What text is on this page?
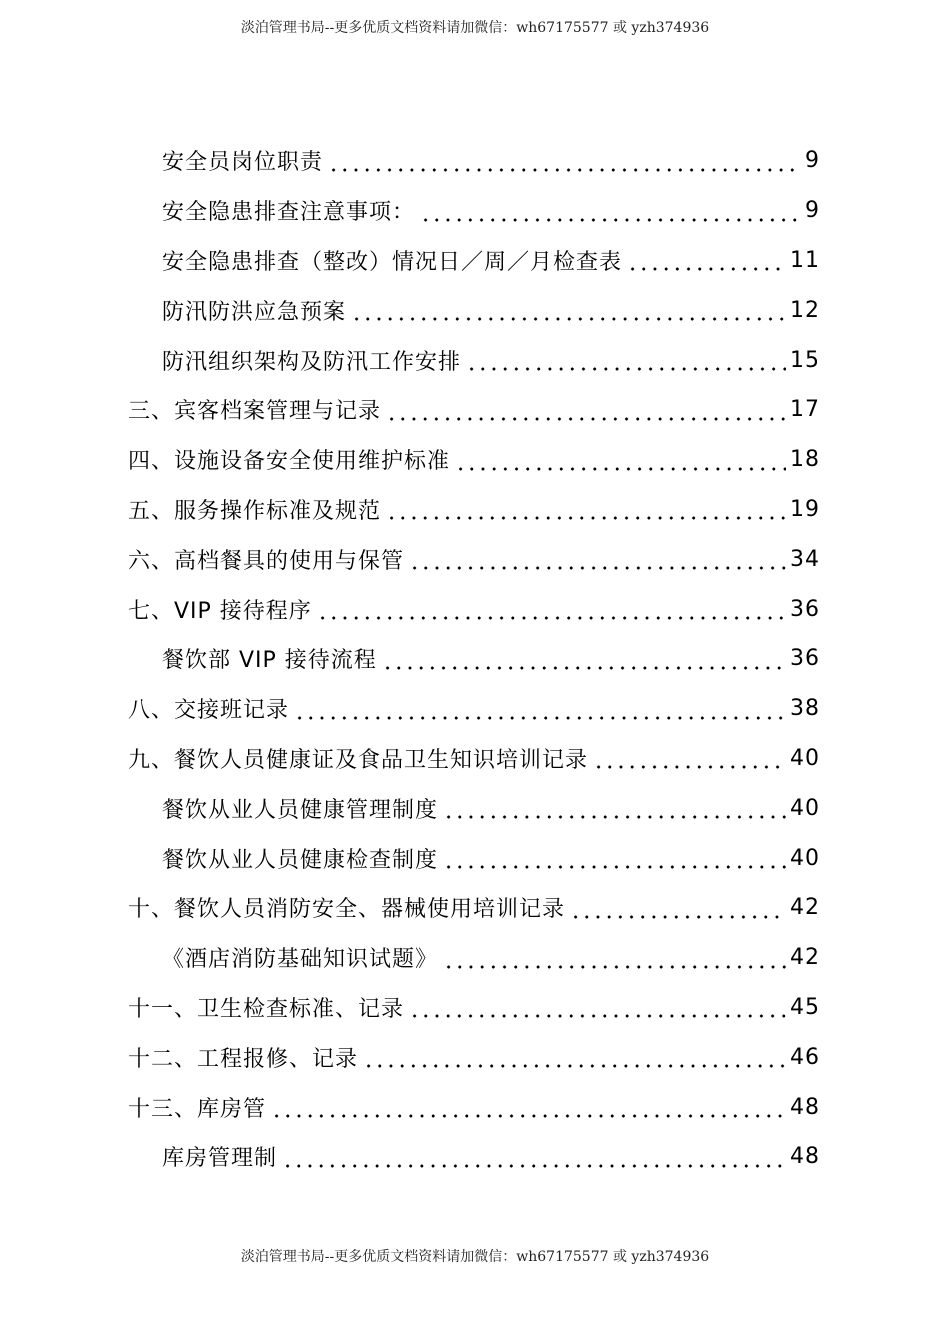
淡泊管理书局--更多优质文档资料请加微信：wh67175577 或 yzh374936
安全员岗位职责	9
安全隐患排查注意事项：	9
安全隐患排查（整改）情况日／周／月检查表	11
防汛防洪应急预案	12
防汛组织架构及防汛工作安排	15
三、宾客档案管理与记录	17
四、设施设备安全使用维护标准	18
五、服务操作标准及规范	19
六、高档餐具的使用与保管	34
七、VIP 接待程序	36
餐饮部 VIP 接待流程	36
八、交接班记录	38
九、餐饮人员健康证及食品卫生知识培训记录	40
餐饮从业人员健康管理制度	40
餐饮从业人员健康检查制度	40
十、餐饮人员消防安全、器械使用培训记录	42
《酒店消防基础知识试题》	42
十一、卫生检查标准、记录	45
十二、工程报修、记录	46
十三、库房管	48
库房管理制	48
淡泊管理书局--更多优质文档资料请加微信：wh67175577 或 yzh374936
